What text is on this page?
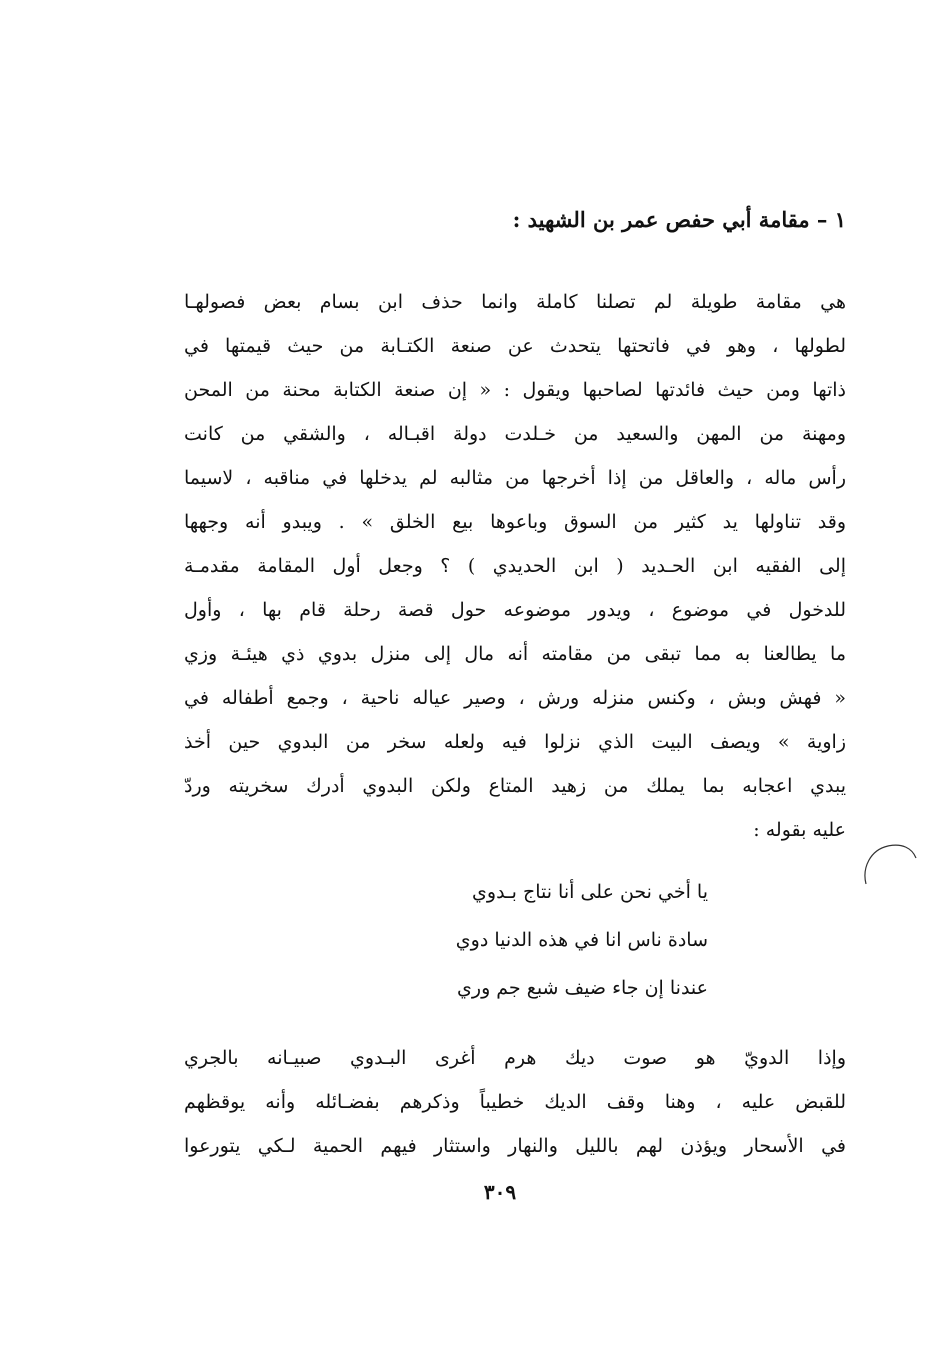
١ – مقامة أبي حفص عمر بن الشهيد :
هي مقامة طويلة لم تصلنا كاملة وانما حذف ابن بسام بعض فصولهـا
لطولها ، وهو في فاتحتها يتحدث عن صنعة الكتـابة من حيث قيمتها في
ذاتها ومن حيث فائدتها لصاحبها ويقول : « إن صنعة الكتابة محنة من المحن
ومهنة من المهن والسعيد من خـلدت دولة اقبـاله ، والشقي من كانت
رأس ماله ، والعاقل من إذا أخرجها من مثالبه لم يدخلها في مناقبه ، لاسيما
وقد تناولها يد كثير من السوق وباعوها بيع الخلق » . ويبدو أنه وجهها
إلى الفقيه ابن الحـديد ( ابن الحديدي ) ؟ وجعل أول المقامة مقدمـة
للدخول في موضوع ، ويدور موضوعه حول قصة رحلة قام بها ، وأول
ما يطالعنا به مما تبقى من مقامته أنه مال إلى منزل بدوي ذي هيئـة وزي
« فهش وبش ، وكنس منزله ورش ، وصير عياله ناحية ، وجمع أطفاله في
زاوية » ويصف البيت الذي نزلوا فيه ولعله سخر من البدوي حين أخذ
يبدي اعجابه بما يملك من زهيد المتاع ولكن البدوي أدرك سخريته وردّ
عليه بقوله :
يا أخي نحن على أنا نتاج بـدوي
سادة ناس انا في هذه الدنيا دوي
عندنا إن جاء ضيف شبع جم وري
وإذا الدويّ هو صوت ديك هرم أغرى البـدوي صبيـانه بالجري
للقبض عليه ، وهنا وقف الديك خطيباً وذكرهم بفضـائله وأنه يوقظهم
في الأسحار ويؤذن لهم بالليل والنهار واستثار فيهم الحمية لـكي يتورعوا
٣٠٩
